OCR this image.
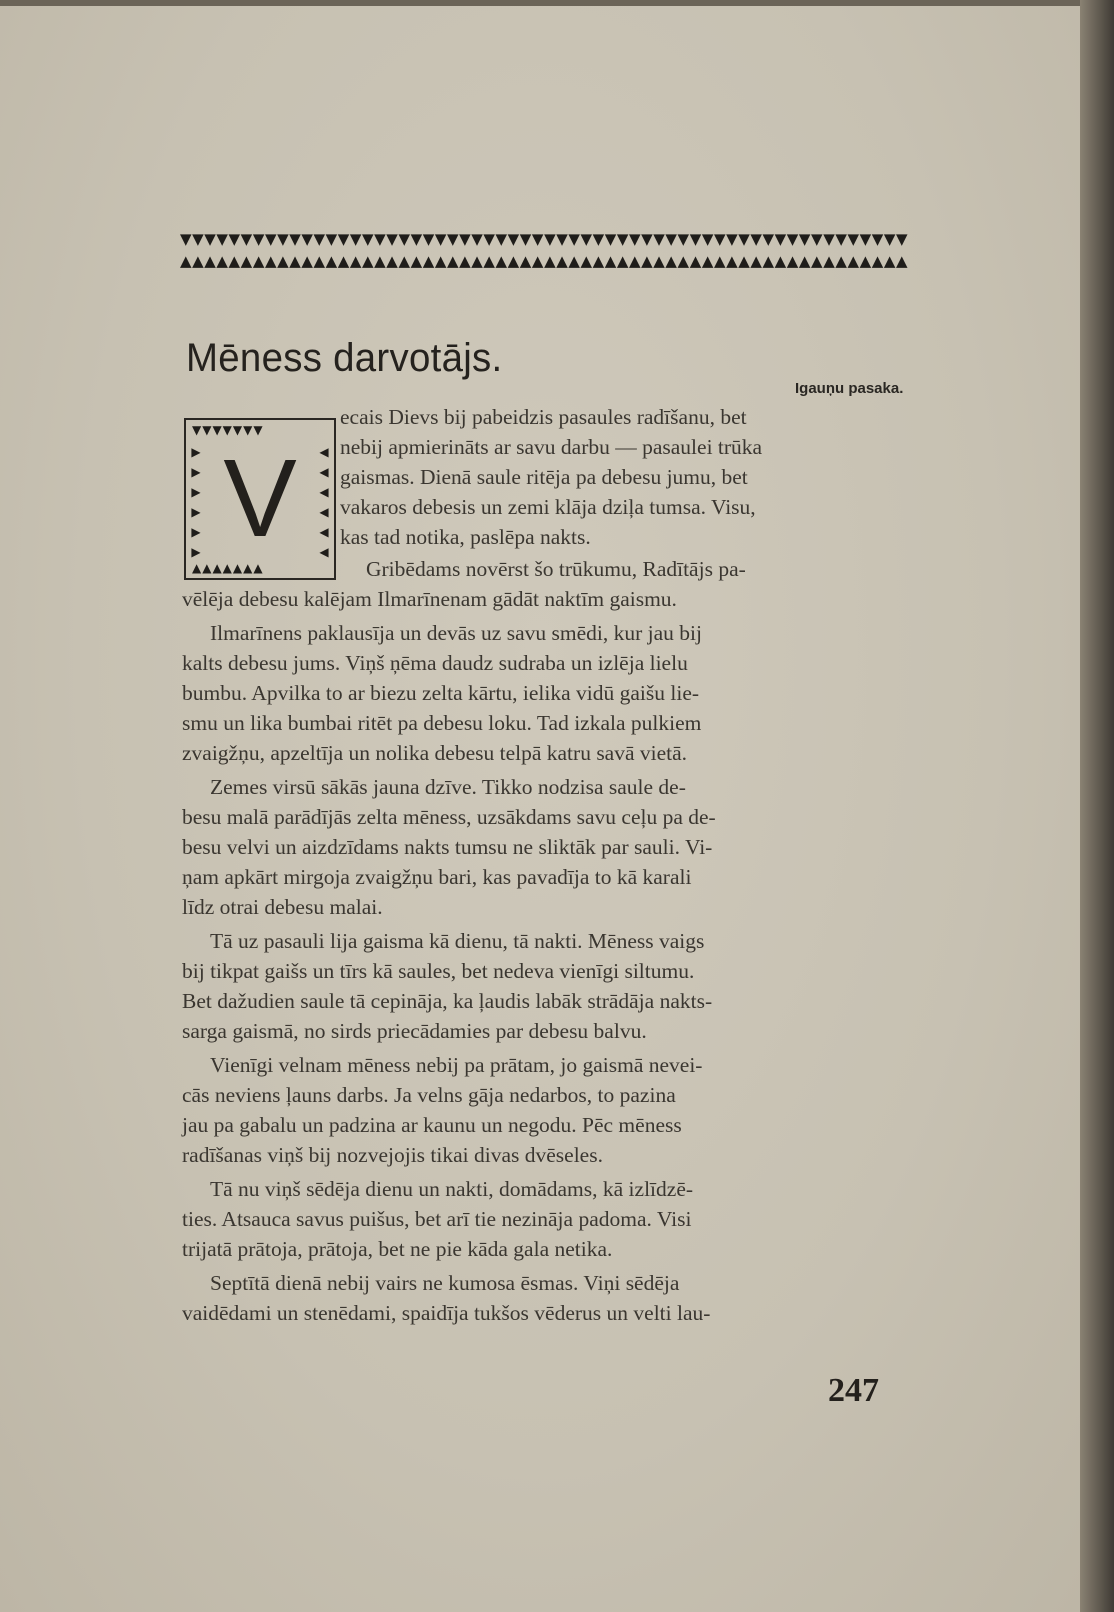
▼▼▼▼▼▼▼▼▼▼▼▼▼▼▼▼▼▼▼▼▼▼▼▼▼▼▼▼▼▼▼▼▼▼▼▼▼▼▼▼▼▼▼▼▼▼▼▼▼▼▼▼▼▼▼▼▼▼▼▼
▲▲▲▲▲▲▲▲▲▲▲▲▲▲▲▲▲▲▲▲▲▲▲▲▲▲▲▲▲▲▲▲▲▲▲▲▲▲▲▲▲▲▲▲▲▲▲▲▲▲▲▲▲▲▲▲▲▲▲▲
Mēness darvotājs.
Igauņu pasaka.
▼▼▼▼▼▼▼
▶
▶
▶
▶
▶
▶
◀
◀
◀
◀
◀
◀
V
▲▲▲▲▲▲▲
ecais Dievs bij pabeidzis pasaules radīšanu, bet
nebij apmierināts ar savu darbu — pasaulei trūka
gaismas. Dienā saule ritēja pa debesu jumu, bet
vakaros debesis un zemi klāja dziļa tumsa. Visu,
kas tad notika, paslēpa nakts.
Gribēdams novērst šo trūkumu, Radītājs pa-
vēlēja debesu kalējam Ilmarīnenam gādāt naktīm gaismu.
Ilmarīnens paklausīja un devās uz savu smēdi, kur jau bij
kalts debesu jums. Viņš ņēma daudz sudraba un izlēja lielu
bumbu. Apvilka to ar biezu zelta kārtu, ielika vidū gaišu lie-
smu un lika bumbai ritēt pa debesu loku. Tad izkala pulkiem
zvaigžņu, apzeltīja un nolika debesu telpā katru savā vietā.
Zemes virsū sākās jauna dzīve. Tikko nodzisa saule de-
besu malā parādījās zelta mēness, uzsākdams savu ceļu pa de-
besu velvi un aizdzīdams nakts tumsu ne sliktāk par sauli. Vi-
ņam apkārt mirgoja zvaigžņu bari, kas pavadīja to kā karali
līdz otrai debesu malai.
Tā uz pasauli lija gaisma kā dienu, tā nakti. Mēness vaigs
bij tikpat gaišs un tīrs kā saules, bet nedeva vienīgi siltumu.
Bet dažudien saule tā cepināja, ka ļaudis labāk strādāja nakts-
sarga gaismā, no sirds priecādamies par debesu balvu.
Vienīgi velnam mēness nebij pa prātam, jo gaismā nevei-
cās neviens ļauns darbs. Ja velns gāja nedarbos, to pazina
jau pa gabalu un padzina ar kaunu un negodu. Pēc mēness
radīšanas viņš bij nozvejojis tikai divas dvēseles.
Tā nu viņš sēdēja dienu un nakti, domādams, kā izlīdzē-
ties. Atsauca savus puišus, bet arī tie nezināja padoma. Visi
trijatā prātoja, prātoja, bet ne pie kāda gala netika.
Septītā dienā nebij vairs ne kumosa ēsmas. Viņi sēdēja
vaidēdami un stenēdami, spaidīja tukšos vēderus un velti lau-
247
